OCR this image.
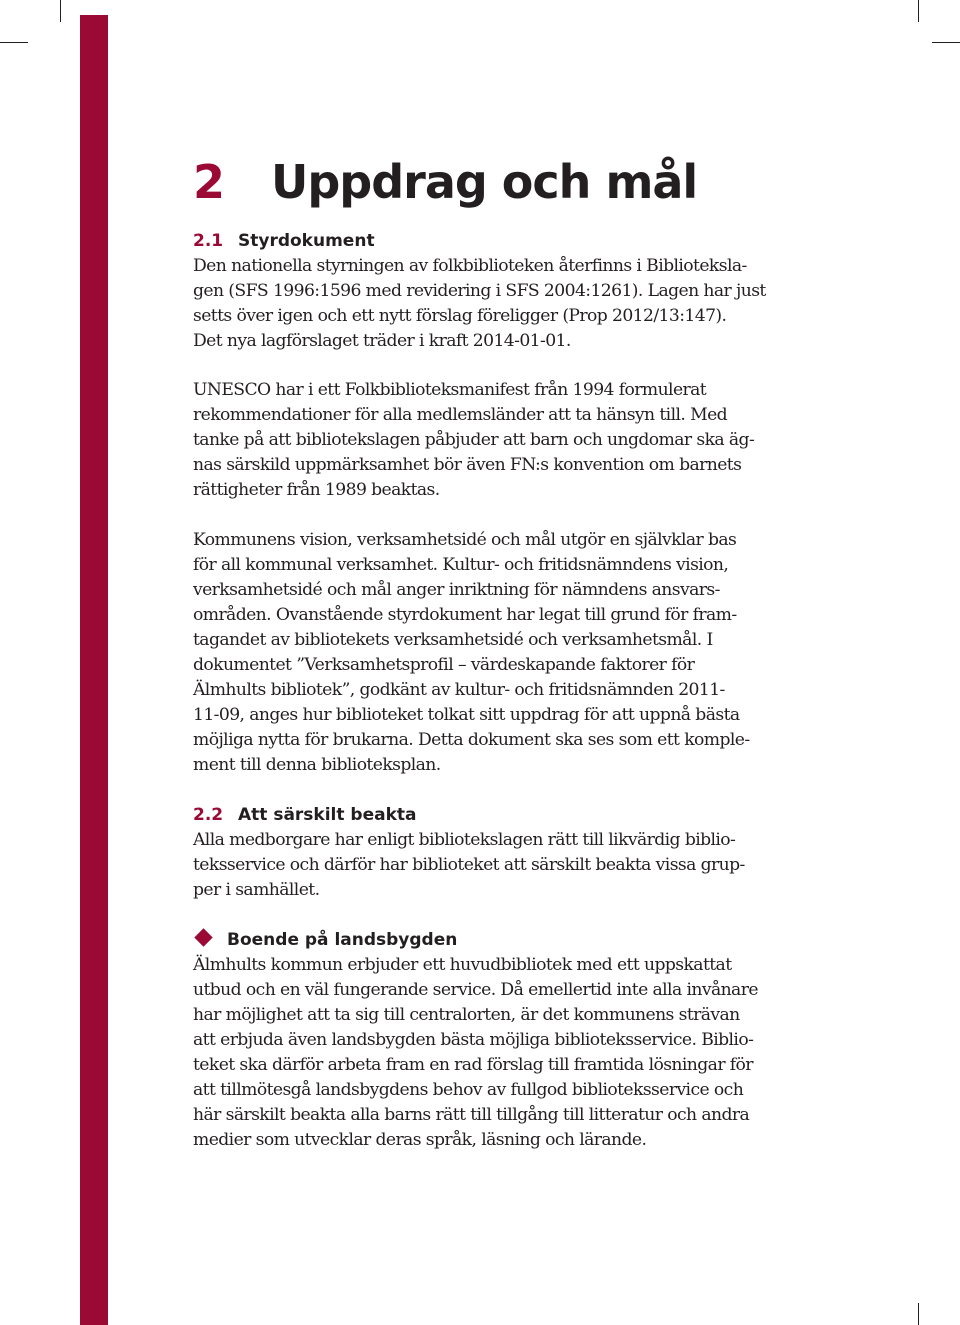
2 Uppdrag och mål
2.1 Styrdokument

Den nationella styrningen av folkbiblioteken återfinns i Biblioteksla-
gen (SFS 1996:1596 med revidering i SFS 2004:1261). Lagen har just
setts över igen och ett nytt förslag föreligger (Prop 2012/13:147).
Det nya lagförslaget träder i kraft 2014-01-01.

UNESCO har i ett Folkbiblioteksmanifest från 1994 formulerat
rekommendationer för alla medlemsländer att ta hänsyn till. Med
tanke på att bibliotekslagen påbjuder att barn och ungdomar ska äg-
nas särskild uppmärksamhet bör även FN:s konvention om barnets
rättigheter från 1989 beaktas.

Kommunens vision, verksamhetsidé och mål utgör en självklar bas
för all kommunal verksamhet. Kultur- och fritidsnämndens vision,
verksamhetsidé och mål anger inriktning för nämndens ansvars-
områden. Ovanstående styrdokument har legat till grund för fram-
tagandet av bibliotekets verksamhetsidé och verksamhetsmål. I
dokumentet ”Verksamhetsprofil – värdeskapande faktorer för
Älmhults bibliotek”, godkänt av kultur- och fritidsnämnden 2011-
11-09, anges hur biblioteket tolkat sitt uppdrag för att uppnå bästa
möjliga nytta för brukarna. Detta dokument ska ses som ett komple-
ment till denna biblioteksplan.

2.2 Att särskilt beakta

Alla medborgare har enligt bibliotekslagen rätt till likvärdig biblio-
teksservice och därför har biblioteket att särskilt beakta vissa grup-
per i samhället.

Boende på landsbygden

Älmhults kommun erbjuder ett huvudbibliotek med ett uppskattat
utbud och en väl fungerande service. Då emellertid inte alla invånare
har möjlighet att ta sig till centralorten, är det kommunens strävan
att erbjuda även landsbygden bästa möjliga biblioteksservice. Biblio-
teket ska därför arbeta fram en rad förslag till framtida lösningar för
att tillmötesgå landsbygdens behov av fullgod biblioteksservice och
här särskilt beakta alla barns rätt till tillgång till litteratur och andra
medier som utvecklar deras språk, läsning och lärande.
